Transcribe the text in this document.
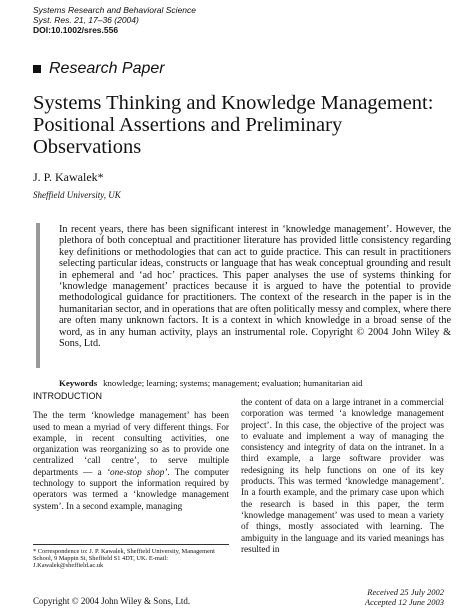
Systems Research and Behavioral Science
Syst. Res. 21, 17–36 (2004)
DOI:10.1002/sres.556
Research Paper
Systems Thinking and Knowledge Management: Positional Assertions and Preliminary Observations
J. P. Kawalek*
Sheffield University, UK

In recent years, there has been significant interest in ‘knowledge management’. However, the plethora of both conceptual and practitioner literature has provided little consistency regarding key definitions or methodologies that can act to guide practice. This can result in practitioners selecting particular ideas, constructs or language that has weak conceptual grounding and result in ephemeral and ‘ad hoc’ practices. This paper analyses the use of systems thinking for ‘knowledge management’ practices because it is argued to have the potential to provide methodological guidance for practitioners. The context of the research in the paper is in the humanitarian sector, and in operations that are often politically messy and complex, where there are often many unknown factors. It is a context in which knowledge in a broad sense of the word, as in any human activity, plays an instrumental role. Copyright © 2004 John Wiley & Sons, Ltd.

Keywords knowledge; learning; systems; management; evaluation; humanitarian aid
INTRODUCTION

The the term ‘knowledge management’ has been used to mean a myriad of very different things. For example, in recent consulting activities, one organization was reorganizing so as to provide one centralized ‘call centre’, to serve multiple departments — a ‘one-stop shop’. The computer technology to support the information required by operators was termed a ‘knowledge management system’. In a second example, managing

the content of data on a large intranet in a commercial corporation was termed ‘a knowledge management project’. In this case, the objective of the project was to evaluate and implement a way of managing the consistency and integrity of data on the intranet. In a third example, a large software provider was redesigning its help functions on one of its key products. This was termed ‘knowledge management’. In a fourth example, and the primary case upon which the research is based in this paper, the term ‘knowledge management’ was used to mean a variety of things, mostly associated with learning. The ambiguity in the language and its varied meanings has resulted in

* Correspondence to: J. P. Kawalek, Sheffield University, Management School, 9 Mappin St, Sheffield S1 4DT, UK. E-mail: J.Kawalek@sheffield.ac.uk

Copyright © 2004 John Wiley & Sons, Ltd.
Received 25 July 2002
Accepted 12 June 2003
